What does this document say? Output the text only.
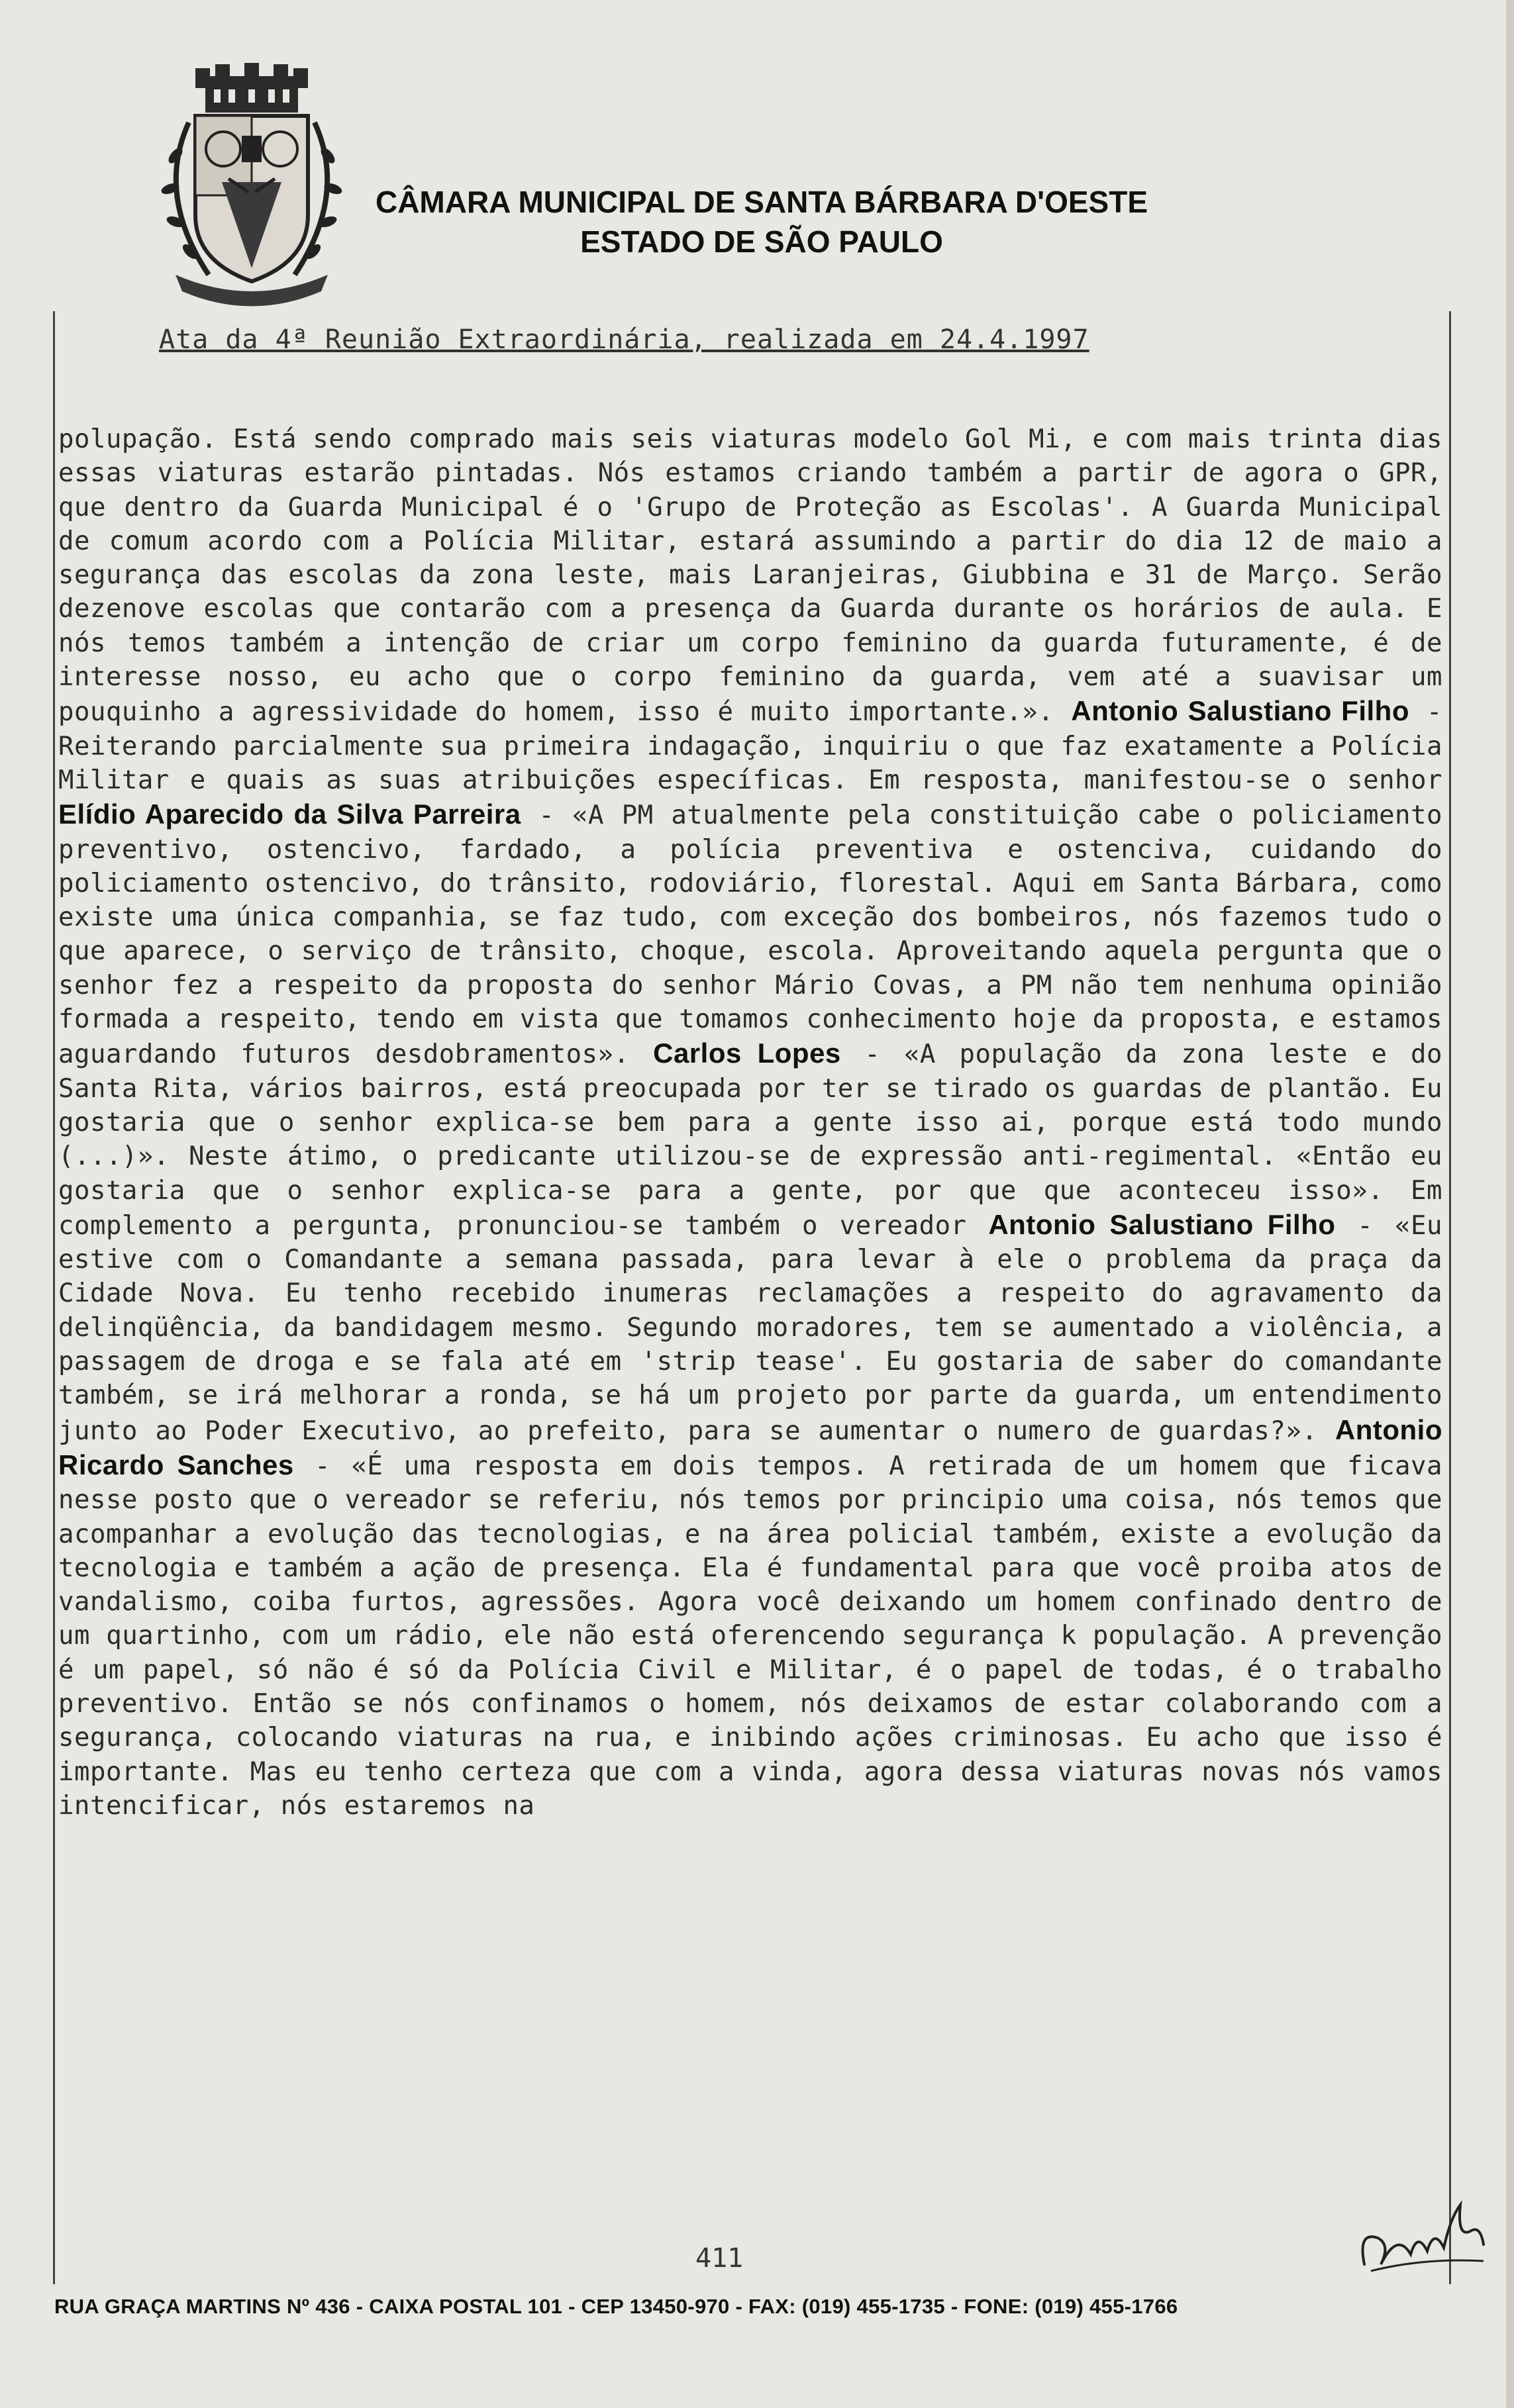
CÂMARA MUNICIPAL DE SANTA BÁRBARA D'OESTE
ESTADO DE SÃO PAULO
Ata da 4ª Reunião Extraordinária, realizada em 24.4.1997
polupação. Está sendo comprado mais seis viaturas modelo Gol Mi, e com mais trinta dias essas viaturas estarão pintadas. Nós estamos criando também a partir de agora o GPR, que dentro da Guarda Municipal é o 'Grupo de Proteção as Escolas'. A Guarda Municipal de comum acordo com a Polícia Militar, estará assumindo a partir do dia 12 de maio a segurança das escolas da zona leste, mais Laranjeiras, Giubbina e 31 de Março. Serão dezenove escolas que contarão com a presença da Guarda durante os horários de aula. E nós temos também a intenção de criar um corpo feminino da guarda futuramente, é de interesse nosso, eu acho que o corpo feminino da guarda, vem até a suavisar um pouquinho a agressividade do homem, isso é muito importante.». Antonio Salustiano Filho - Reiterando parcialmente sua primeira indagação, inquiriu o que faz exatamente a Polícia Militar e quais as suas atribuições específicas. Em resposta, manifestou-se o senhor Elídio Aparecido da Silva Parreira - «A PM atualmente pela constituição cabe o policiamento preventivo, ostencivo, fardado, a polícia preventiva e ostenciva, cuidando do policiamento ostencivo, do trânsito, rodoviário, florestal. Aqui em Santa Bárbara, como existe uma única companhia, se faz tudo, com exceção dos bombeiros, nós fazemos tudo o que aparece, o serviço de trânsito, choque, escola. Aproveitando aquela pergunta que o senhor fez a respeito da proposta do senhor Mário Covas, a PM não tem nenhuma opinião formada a respeito, tendo em vista que tomamos conhecimento hoje da proposta, e estamos aguardando futuros desdobramentos». Carlos Lopes - «A população da zona leste e do Santa Rita, vários bairros, está preocupada por ter se tirado os guardas de plantão. Eu gostaria que o senhor explica-se bem para a gente isso ai, porque está todo mundo (...)». Neste átimo, o predicante utilizou-se de expressão anti-regimental. «Então eu gostaria que o senhor explica-se para a gente, por que que aconteceu isso». Em complemento a pergunta, pronunciou-se também o vereador Antonio Salustiano Filho - «Eu estive com o Comandante a semana passada, para levar à ele o problema da praça da Cidade Nova. Eu tenho recebido inumeras reclamações a respeito do agravamento da delinqüência, da bandidagem mesmo. Segundo moradores, tem se aumentado a violência, a passagem de droga e se fala até em 'strip tease'. Eu gostaria de saber do comandante também, se irá melhorar a ronda, se há um projeto por parte da guarda, um entendimento junto ao Poder Executivo, ao prefeito, para se aumentar o numero de guardas?». Antonio Ricardo Sanches - «É uma resposta em dois tempos. A retirada de um homem que ficava nesse posto que o vereador se referiu, nós temos por principio uma coisa, nós temos que acompanhar a evolução das tecnologias, e na área policial também, existe a evolução da tecnologia e também a ação de presença. Ela é fundamental para que você proiba atos de vandalismo, coiba furtos, agressões. Agora você deixando um homem confinado dentro de um quartinho, com um rádio, ele não está oferencendo segurança k população. A prevenção é um papel, só não é só da Polícia Civil e Militar, é o papel de todas, é o trabalho preventivo. Então se nós confinamos o homem, nós deixamos de estar colaborando com a segurança, colocando viaturas na rua, e inibindo ações criminosas. Eu acho que isso é importante. Mas eu tenho certeza que com a vinda, agora dessa viaturas novas nós vamos intencificar, nós estaremos na
411
RUA GRAÇA MARTINS Nº 436 - CAIXA POSTAL 101 - CEP 13450-970 - FAX: (019) 455-1735 - FONE: (019) 455-1766
